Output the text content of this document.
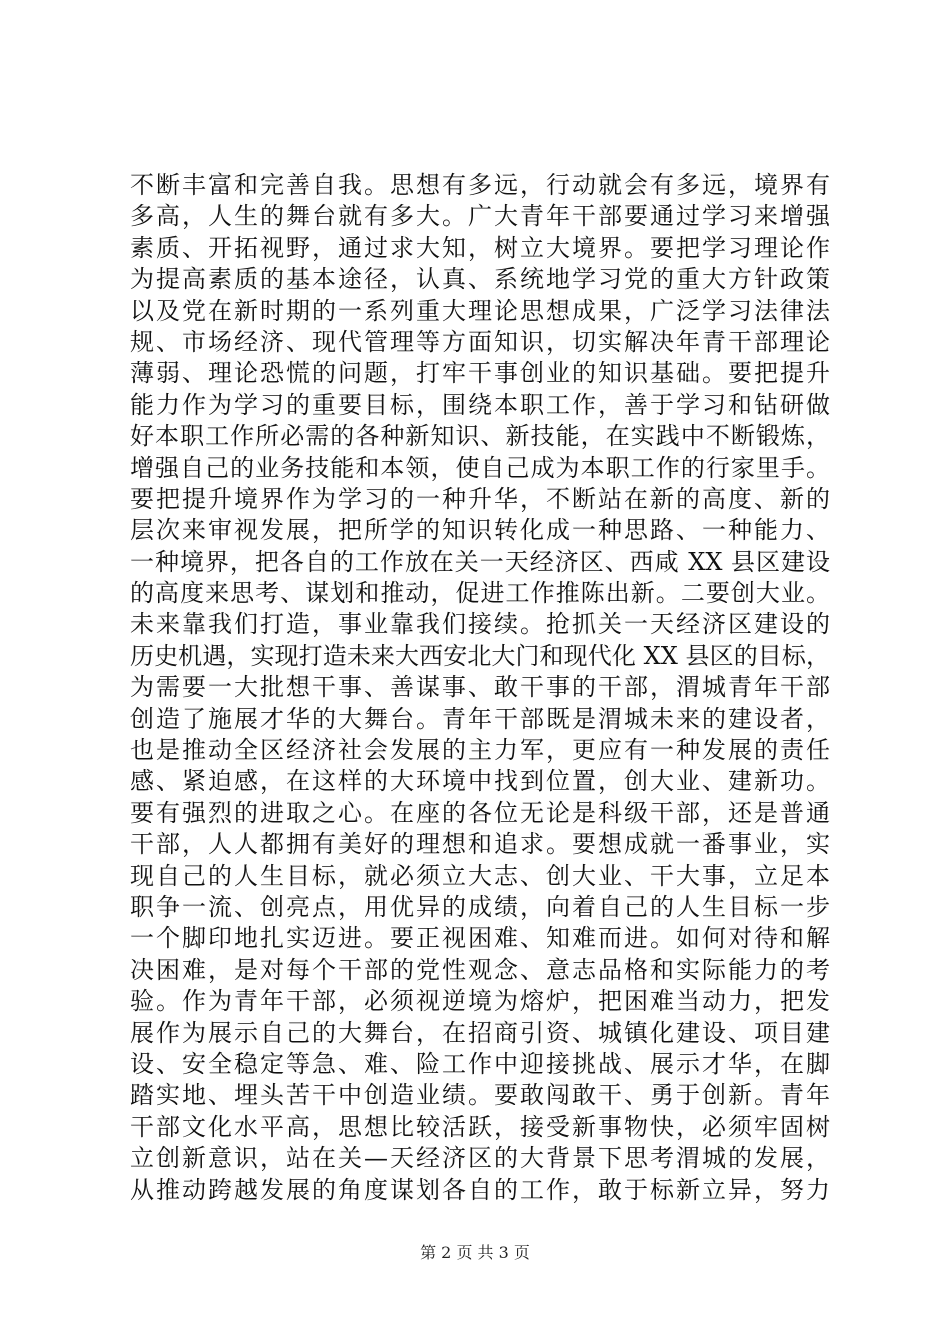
不断丰富和完善自我。思想有多远，行动就会有多远，境界有
多高，人生的舞台就有多大。广大青年干部要通过学习来增强
素质、开拓视野，通过求大知，树立大境界。要把学习理论作
为提高素质的基本途径，认真、系统地学习党的重大方针政策
以及党在新时期的一系列重大理论思想成果，广泛学习法律法
规、市场经济、现代管理等方面知识，切实解决年青干部理论
薄弱、理论恐慌的问题，打牢干事创业的知识基础。要把提升
能力作为学习的重要目标，围绕本职工作，善于学习和钻研做
好本职工作所必需的各种新知识、新技能，在实践中不断锻炼，
增强自己的业务技能和本领，使自己成为本职工作的行家里手。
要把提升境界作为学习的一种升华，不断站在新的高度、新的
层次来审视发展，把所学的知识转化成一种思路、一种能力、
一种境界，把各自的工作放在关一天经济区、西咸 XX 县区建设
的高度来思考、谋划和推动，促进工作推陈出新。二要创大业。
未来靠我们打造，事业靠我们接续。抢抓关一天经济区建设的
历史机遇，实现打造未来大西安北大门和现代化 XX 县区的目标，
为需要一大批想干事、善谋事、敢干事的干部，渭城青年干部
创造了施展才华的大舞台。青年干部既是渭城未来的建设者，
也是推动全区经济社会发展的主力军，更应有一种发展的责任
感、紧迫感，在这样的大环境中找到位置，创大业、建新功。
要有强烈的进取之心。在座的各位无论是科级干部，还是普通
干部，人人都拥有美好的理想和追求。要想成就一番事业，实
现自己的人生目标，就必须立大志、创大业、干大事，立足本
职争一流、创亮点，用优异的成绩，向着自己的人生目标一步
一个脚印地扎实迈进。要正视困难、知难而进。如何对待和解
决困难，是对每个干部的党性观念、意志品格和实际能力的考
验。作为青年干部，必须视逆境为熔炉，把困难当动力，把发
展作为展示自己的大舞台，在招商引资、城镇化建设、项目建
设、安全稳定等急、难、险工作中迎接挑战、展示才华，在脚
踏实地、埋头苦干中创造业绩。要敢闯敢干、勇于创新。青年
干部文化水平高，思想比较活跃，接受新事物快，必须牢固树
立创新意识，站在关—天经济区的大背景下思考渭城的发展，
从推动跨越发展的角度谋划各自的工作，敢于标新立异，努力
第 2 页 共 3 页
